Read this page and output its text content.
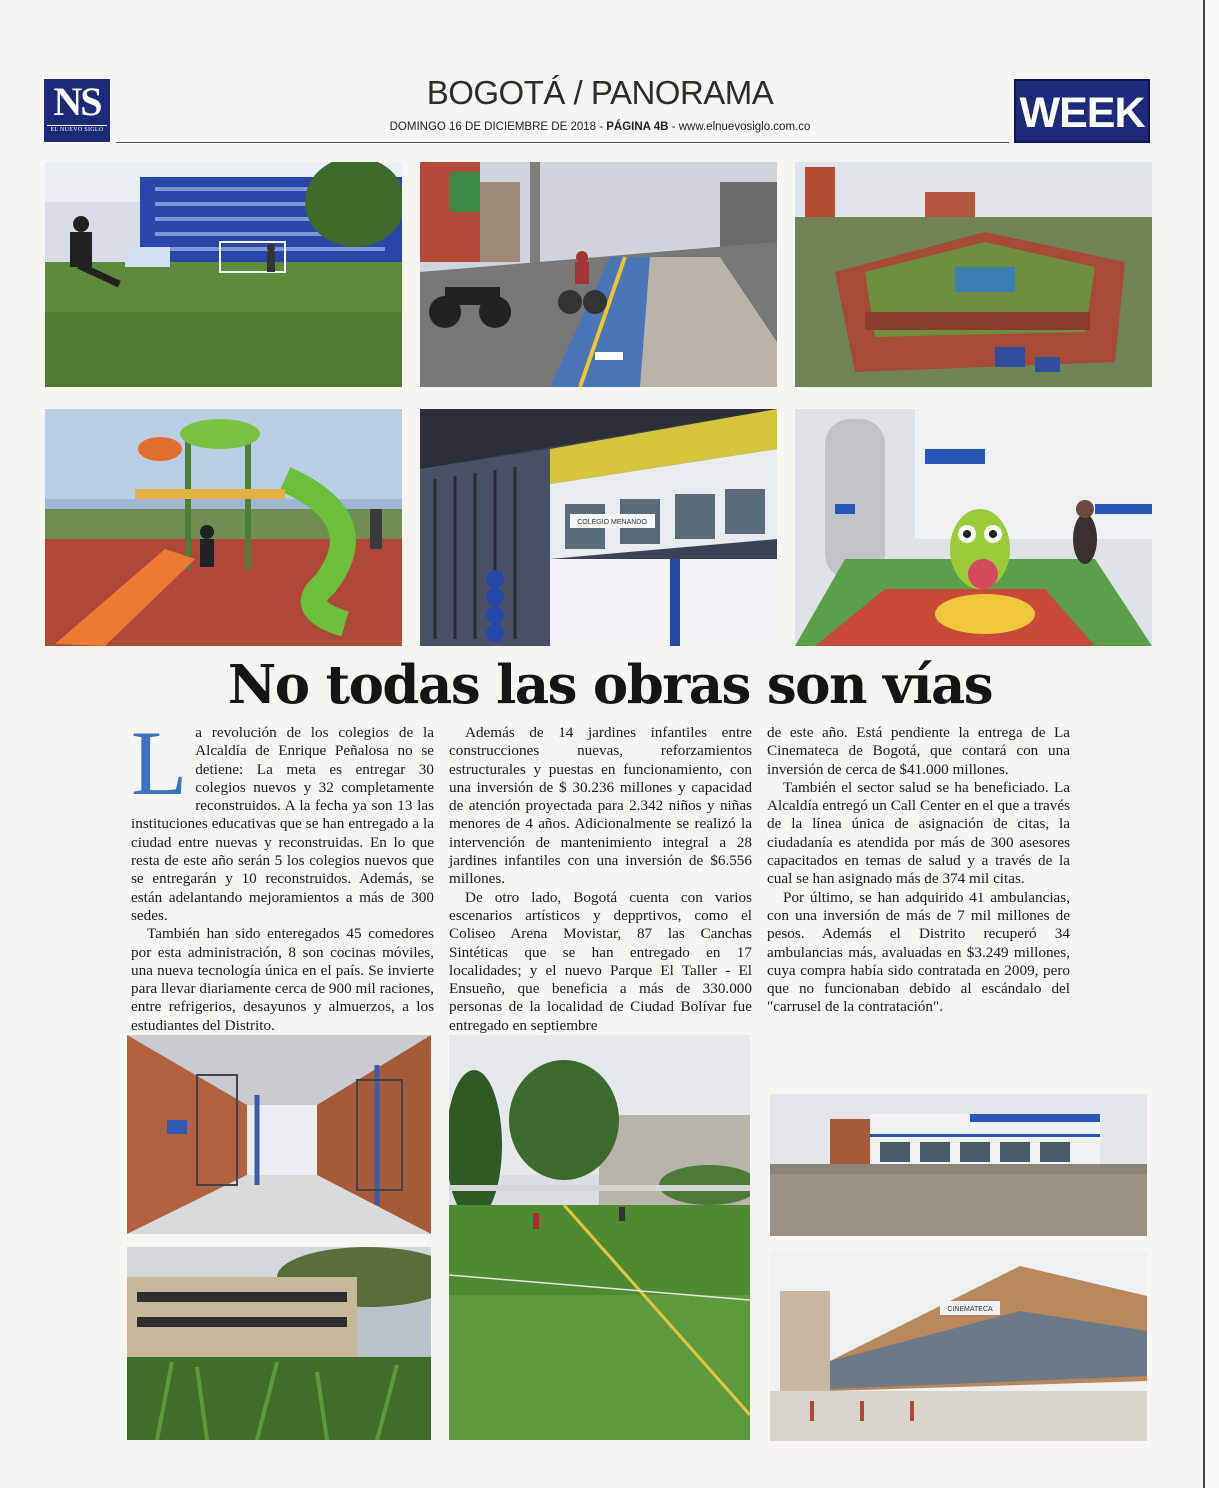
NS
EL NUEVO SIGLO
BOGOTÁ / PANORAMA
DOMINGO 16 DE DICIEMBRE DE 2018 - PÁGINA 4B - www.elnuevosiglo.com.co	WEEK
COLEGIO MENANDO
No todas las obras son vías
L a revolución de los colegios de la Alcaldía de Enrique Peñalosa no se detiene: La meta es entregar 30 colegios nuevos y 32 completamente reconstruidos. A la fecha ya son 13 las instituciones educativas que se han entregado a la ciudad entre nuevas y reconstruidas. En lo que resta de este año serán 5 los colegios nuevos que se entregarán y 10 reconstruidos. Además, se están adelantando mejoramientos a más de 300 sedes.

También han sido enteregados 45 comedores por esta administración, 8 son cocinas móviles, una nueva tecnología única en el país. Se invierte para llevar diariamente cerca de 900 mil raciones, entre refrigerios, desayunos y almuerzos, a los estudiantes del Distrito.

Además de 14 jardines infantiles entre construcciones nuevas, reforzamientos estructurales y puestas en funcionamiento, con una inversión de $ 30.236 millones y capacidad de atención proyectada para 2.342 niños y niñas menores de 4 años. Adicionalmente se realizó la intervención de mantenimiento integral a 28 jardines infantiles con una inversión de $6.556 millones.

De otro lado, Bogotá cuenta con varios escenarios artísticos y depprtivos, como el Coliseo Arena Movistar, 87 las Canchas Sintéticas que se han entregado en 17 localidades; y el nuevo Parque El Taller - El Ensueño, que beneficia a más de 330.000 personas de la localidad de Ciudad Bolívar fue entregado en septiembre

de este año. Está pendiente la entrega de La Cinemateca de Bogotá, que contará con una inversión de cerca de $41.000 millones.

También el sector salud se ha beneficiado. La Alcaldía entregó un Call Center en el que a través de la línea única de asignación de citas, la ciudadanía es atendida por más de 300 asesores capacitados en temas de salud y a través de la cual se han asignado más de 374 mil citas.

Por último, se han adquirido 41 ambulancias, con una inversión de más de 7 mil millones de pesos. Además el Distrito recuperó 34 ambulancias más, avaluadas en $3.249 millones, cuya compra había sido contratada en 2009, pero que no funcionaban debido al escándalo del "carrusel de la contratación".

CINEMATECA
